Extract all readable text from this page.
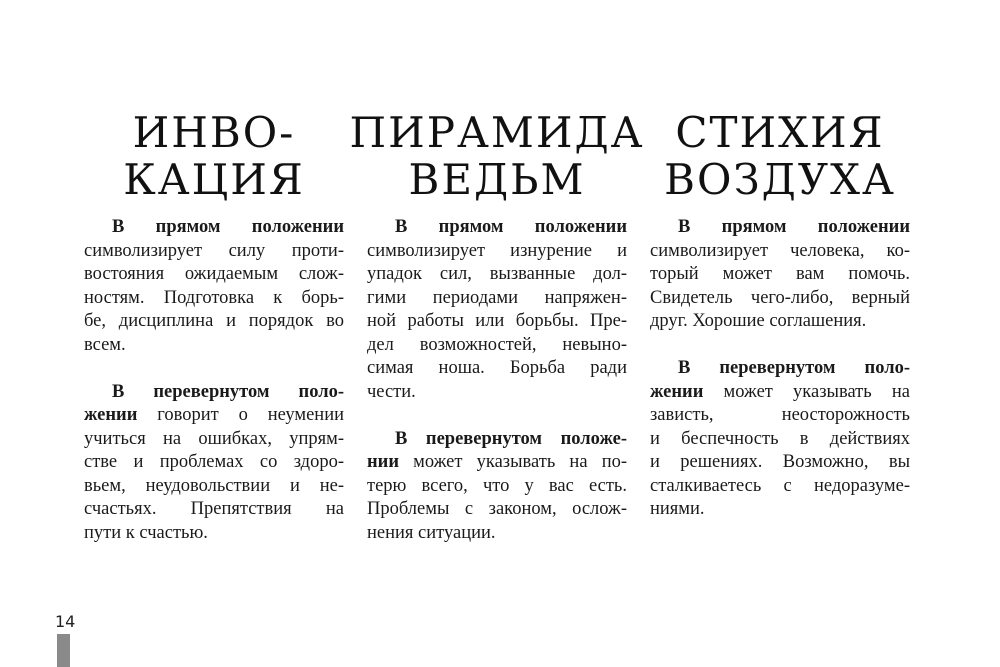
ИНВО-
КАЦИЯ
В прямом положении
символизирует силу проти-
востояния ожидаемым слож-
ностям. Подготовка к борь-
бе, дисциплина и порядок во
всем.
В перевернутом поло-
жении говорит о неумении
учиться на ошибках, упрям-
стве и проблемах со здоро-
вьем, неудовольствии и не-
счастьях. Препятствия на
пути к счастью.
ПИРАМИДА
ВЕДЬМ
В прямом положении
символизирует изнурение и
упадок сил, вызванные дол-
гими периодами напряжен-
ной работы или борьбы. Пре-
дел возможностей, невыно-
симая ноша. Борьба ради
чести.
В перевернутом положе-
нии может указывать на по-
терю всего, что у вас есть.
Проблемы с законом, ослож-
нения ситуации.
СТИХИЯ
ВОЗДУХА
В прямом положении
символизирует человека, ко-
торый может вам помочь.
Свидетель чего-либо, верный
друг. Хорошие соглашения.
В перевернутом поло-
жении может указывать на
зависть, неосторожность
и беспечность в действиях
и решениях. Возможно, вы
сталкиваетесь с недоразуме-
ниями.
14
